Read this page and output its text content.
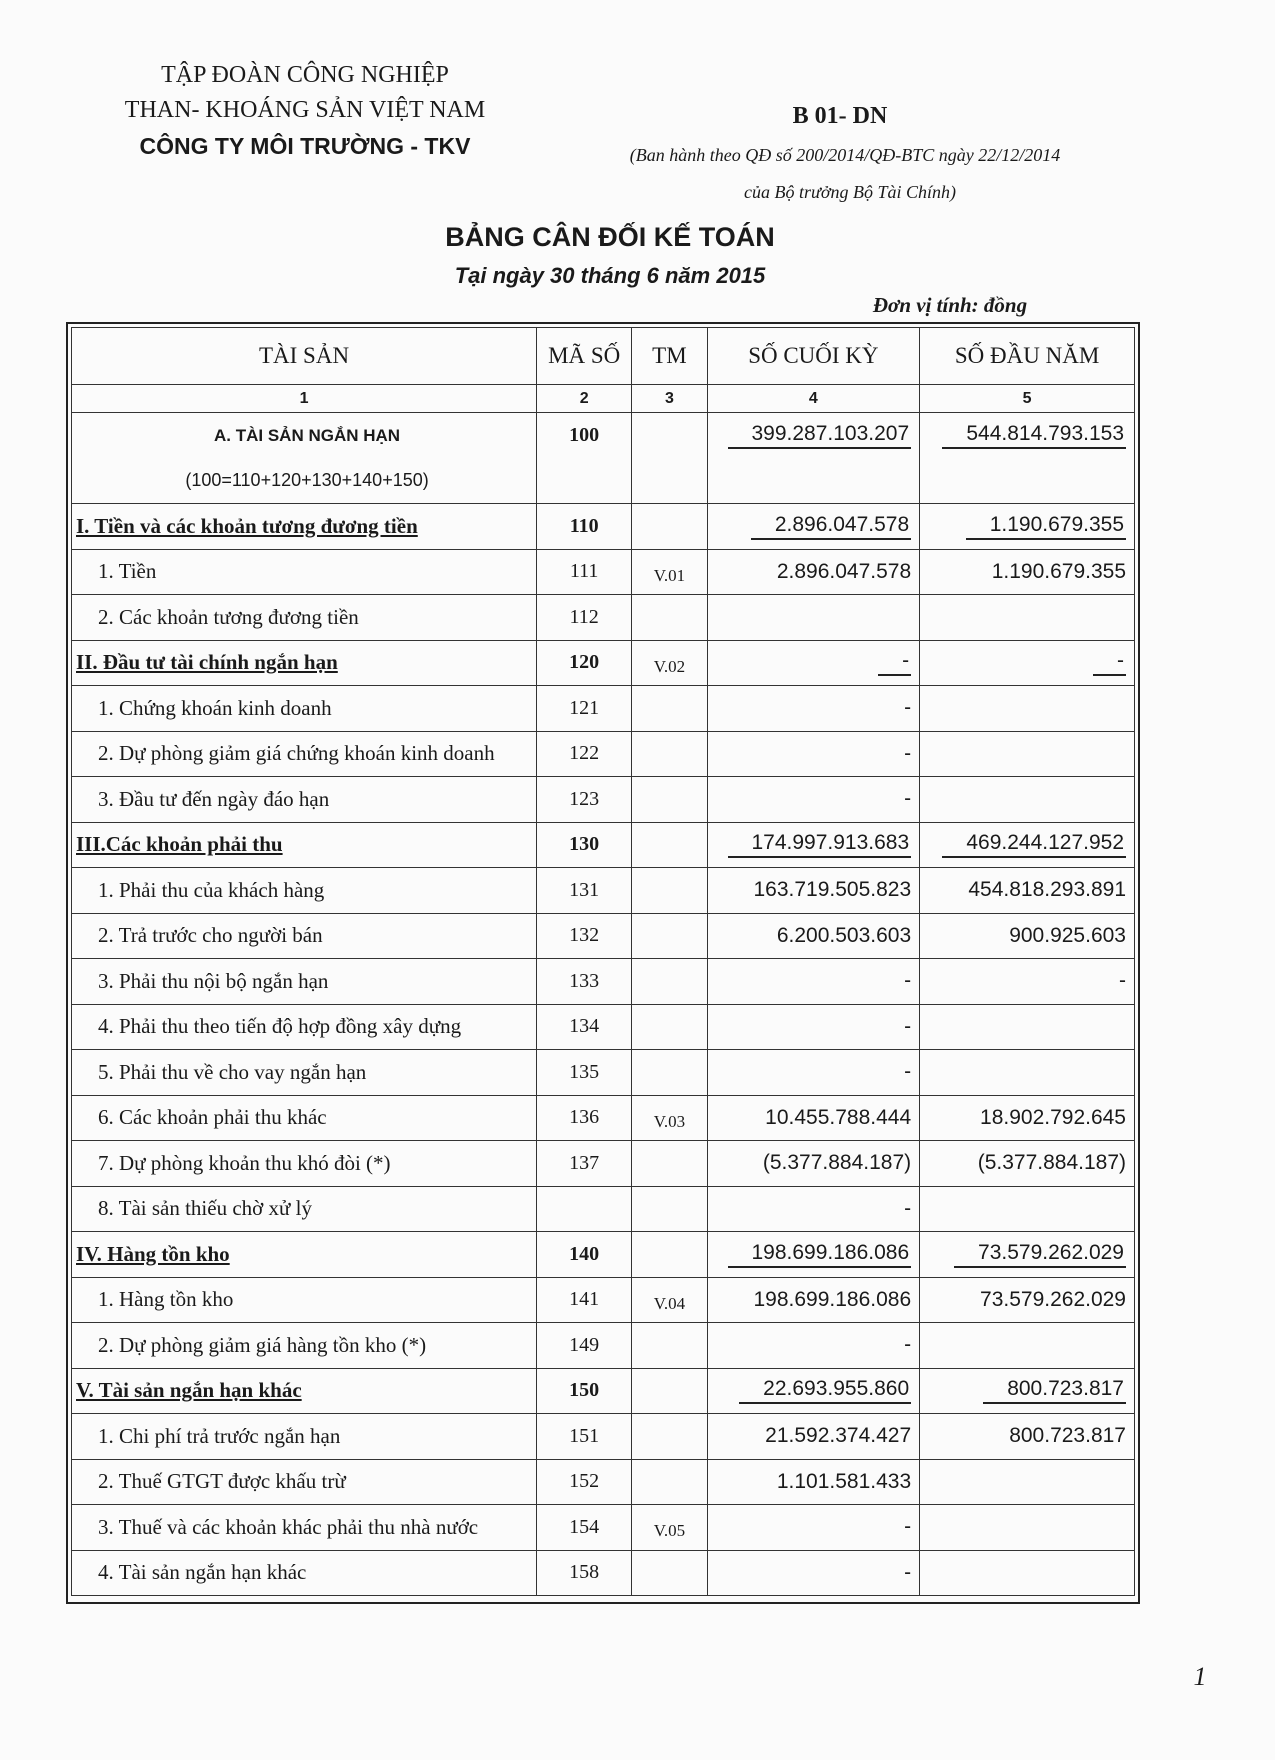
TẬP ĐOÀN CÔNG NGHIỆP
THAN- KHOÁNG SẢN VIỆT NAM
CÔNG TY MÔI TRƯỜNG - TKV
B 01- DN
(Ban hành theo QĐ số 200/2014/QĐ-BTC ngày 22/12/2014
của Bộ trưởng Bộ Tài Chính)
BẢNG CÂN ĐỐI KẾ TOÁN
Tại ngày 30 tháng 6 năm 2015
Đơn vị tính: đồng
TÀI SẢN	MÃ SỐ	TM	SỐ CUỐI KỲ	SỐ ĐẦU NĂM
1	2	3	4	5
A. TÀI SẢN NGẮN HẠN	100		399.287.103.207	544.814.793.153
(100=110+120+130+140+150)				
I. Tiền và các khoản tương đương tiền	110		2.896.047.578	1.190.679.355
1. Tiền	111	V.01	2.896.047.578	1.190.679.355
2. Các khoản tương đương tiền	112			
II. Đầu tư tài chính ngắn hạn	120	V.02	-	-
1. Chứng khoán kinh doanh	121		-	
2. Dự phòng giảm giá chứng khoán kinh doanh	122		-	
3. Đầu tư đến ngày đáo hạn	123		-	
III.Các khoản phải thu	130		174.997.913.683	469.244.127.952
1. Phải thu của khách hàng	131		163.719.505.823	454.818.293.891
2. Trả trước cho người bán	132		6.200.503.603	900.925.603
3. Phải thu nội bộ ngắn hạn	133		-	-
4. Phải thu theo tiến độ hợp đồng xây dựng	134		-	
5. Phải thu về cho vay ngắn hạn	135		-	
6. Các khoản phải thu khác	136	V.03	10.455.788.444	18.902.792.645
7. Dự phòng khoản thu khó đòi (*)	137		(5.377.884.187)	(5.377.884.187)
8. Tài sản thiếu chờ xử lý			-	
IV. Hàng tồn kho	140		198.699.186.086	73.579.262.029
1. Hàng tồn kho	141	V.04	198.699.186.086	73.579.262.029
2. Dự phòng giảm giá hàng tồn kho (*)	149		-	
V. Tài sản ngắn hạn khác	150		22.693.955.860	800.723.817
1. Chi phí trả trước ngắn hạn	151		21.592.374.427	800.723.817
2. Thuế GTGT được khấu trừ	152		1.101.581.433	
3. Thuế và các khoản khác phải thu nhà nước	154	V.05	-	
4. Tài sản ngắn hạn khác	158		-	
1
